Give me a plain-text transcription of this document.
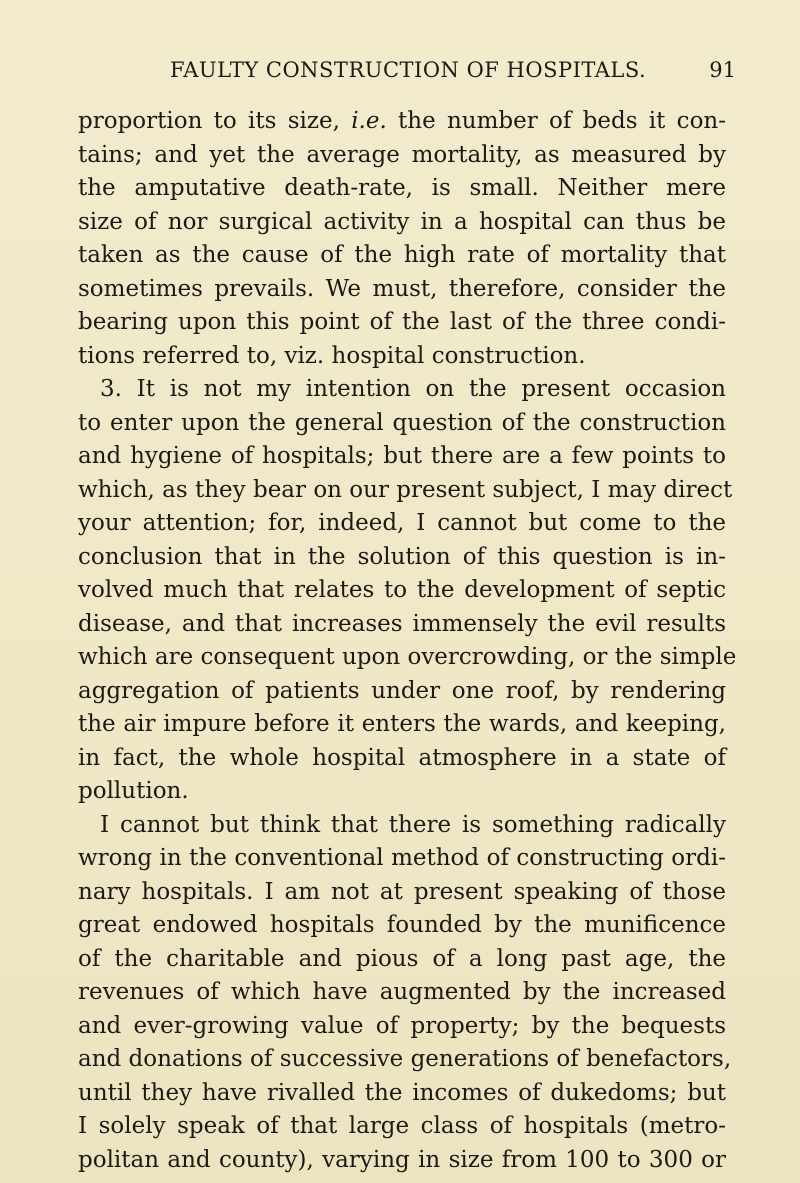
FAULTY CONSTRUCTION OF HOSPITALS.	91
proportion to its size, i.e. the number of beds it con-
tains; and yet the average mortality, as measured by
the amputative death-rate, is small. Neither mere
size of nor surgical activity in a hospital can thus be
taken as the cause of the high rate of mortality that
sometimes prevails. We must, therefore, consider the
bearing upon this point of the last of the three condi-
tions referred to, viz. hospital construction.
3. It is not my intention on the present occasion
to enter upon the general question of the construction
and hygiene of hospitals; but there are a few points to
which, as they bear on our present subject, I may direct
your attention; for, indeed, I cannot but come to the
conclusion that in the solution of this question is in-
volved much that relates to the development of septic
disease, and that increases immensely the evil results
which are consequent upon overcrowding, or the simple
aggregation of patients under one roof, by rendering
the air impure before it enters the wards, and keeping,
in fact, the whole hospital atmosphere in a state of
pollution.
I cannot but think that there is something radically
wrong in the conventional method of constructing ordi-
nary hospitals. I am not at present speaking of those
great endowed hospitals founded by the munificence
of the charitable and pious of a long past age, the
revenues of which have augmented by the increased
and ever-growing value of property; by the bequests
and donations of successive generations of benefactors,
until they have rivalled the incomes of dukedoms; but
I solely speak of that large class of hospitals (metro-
politan and county), varying in size from 100 to 300 or
